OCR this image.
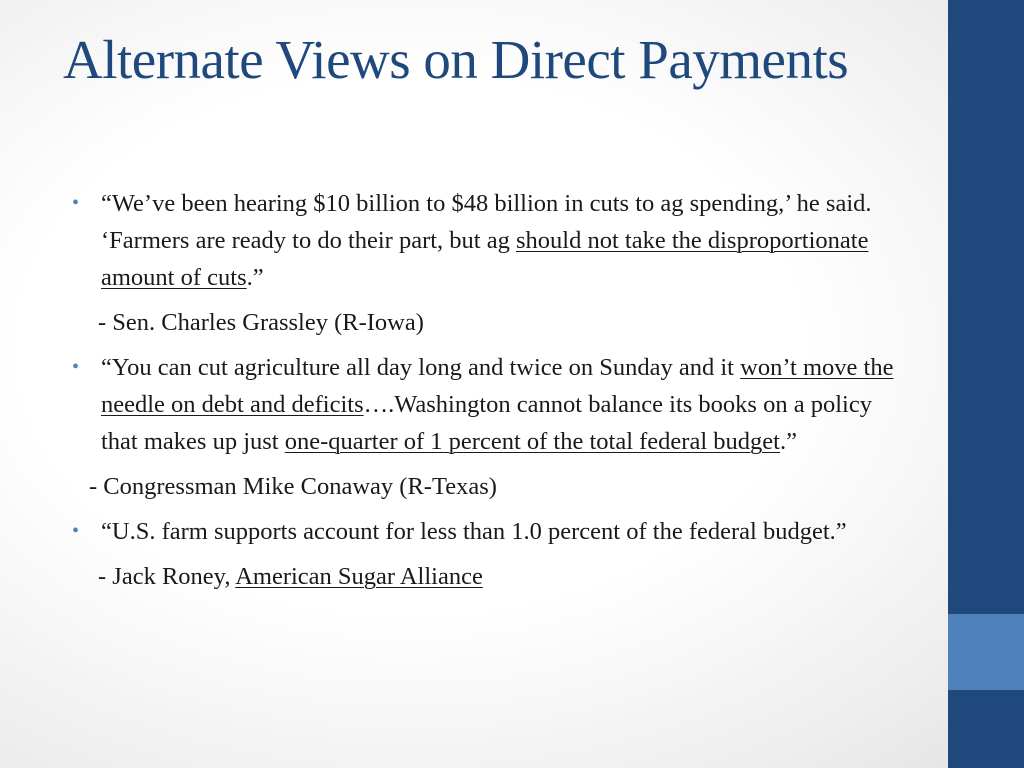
Alternate Views on Direct Payments

• “We’ve been hearing $10 billion to $48 billion in cuts to ag spending,’ he said. ‘Farmers are ready to do their part, but ag should not take the disproportionate amount of cuts.”

- Sen. Charles Grassley (R-Iowa)

• “You can cut agriculture all day long and twice on Sunday and it won’t move the needle on debt and deficits….Washington cannot balance its books on a policy that makes up just one-quarter of 1 percent of the total federal budget.”

- Congressman Mike Conaway (R-Texas)

• “U.S. farm supports account for less than 1.0 percent of the federal budget.”

- Jack Roney, American Sugar Alliance
